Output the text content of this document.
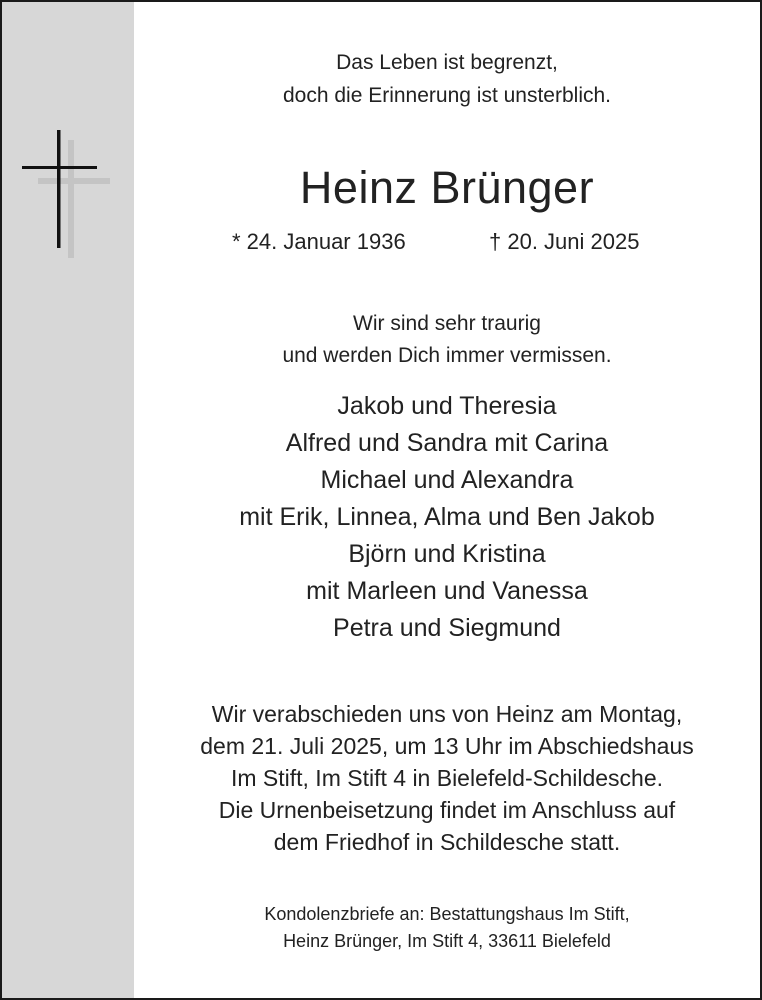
Das Leben ist begrenzt,
doch die Erinnerung ist unsterblich.
Heinz Brünger
* 24. Januar 1936	† 20. Juni 2025
Wir sind sehr traurig
und werden Dich immer vermissen.
Jakob und Theresia
Alfred und Sandra mit Carina
Michael und Alexandra
mit Erik, Linnea, Alma und Ben Jakob
Björn und Kristina
mit Marleen und Vanessa
Petra und Siegmund
Wir verabschieden uns von Heinz am Montag,
dem 21. Juli 2025, um 13 Uhr im Abschiedshaus
Im Stift, Im Stift 4 in Bielefeld-Schildesche.
Die Urnenbeisetzung findet im Anschluss auf
dem Friedhof in Schildesche statt.
Kondolenzbriefe an: Bestattungshaus Im Stift,
Heinz Brünger, Im Stift 4, 33611 Bielefeld
